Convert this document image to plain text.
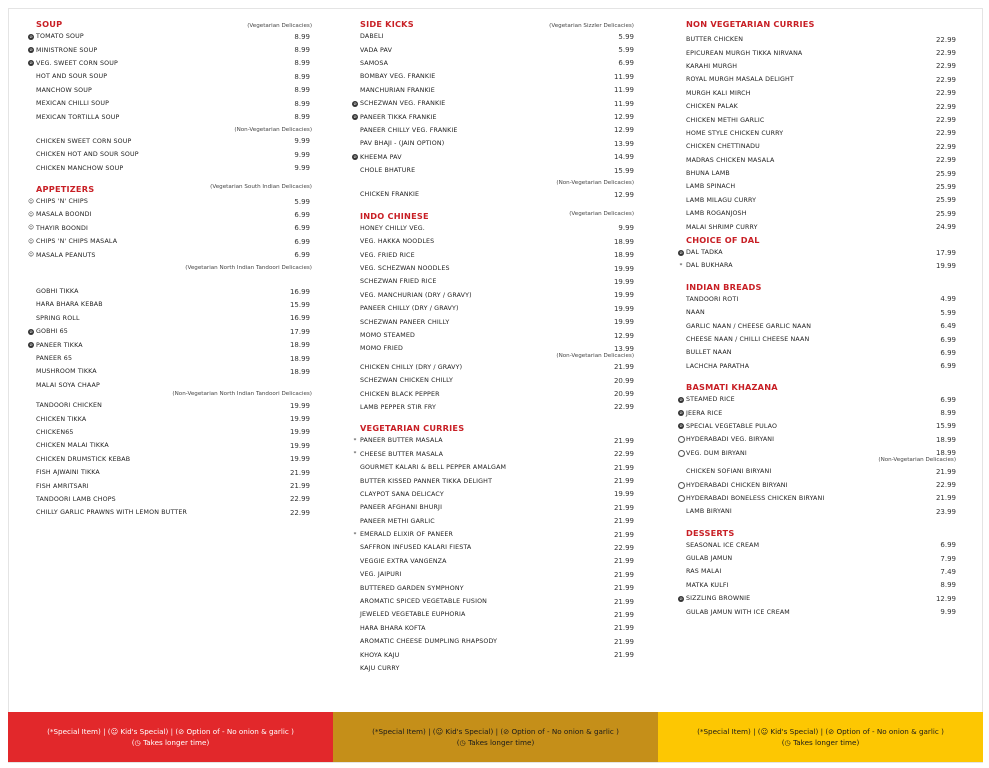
SOUP	(Vegetarian Delicacies)
⊘ TOMATO SOUP	8.99
⊘ MINISTRONE SOUP	8.99
⊘ VEG. SWEET CORN SOUP	8.99
HOT AND SOUR SOUP	8.99
MANCHOW SOUP	8.99
MEXICAN CHILLI SOUP	8.99
MEXICAN TORTILLA SOUP	8.99
(Non-Vegetarian Delicacies)
CHICKEN SWEET CORN SOUP	9.99
CHICKEN HOT AND SOUR SOUP	9.99
CHICKEN MANCHOW SOUP	9.99
APPETIZERS	(Vegetarian South Indian Delicacies)
☺ CHIPS 'N' CHIPS	5.99
☺ MASALA BOONDI	6.99
☺ THAYIR BOONDI	6.99
☺ CHIPS 'N' CHIPS MASALA	6.99
☺ MASALA PEANUTS	6.99
(Vegetarian North Indian Tandoori Delicacies)
GOBHI TIKKA	16.99
HARA BHARA KEBAB	15.99
SPRING ROLL	16.99
⊘ GOBHI 65	17.99
⊘ PANEER TIKKA	18.99
PANEER 65	18.99
MUSHROOM TIKKA	18.99
MALAI SOYA CHAAP
(Non-Vegetarian North Indian Tandoori Delicacies)
TANDOORI CHICKEN	19.99
CHICKEN TIKKA	19.99
CHICKEN65	19.99
CHICKEN MALAI TIKKA	19.99
CHICKEN DRUMSTICK KEBAB	19.99
FISH AJWAINI TIKKA	21.99
FISH AMRITSARI	21.99
TANDOORI LAMB CHOPS	22.99
CHILLY GARLIC PRAWNS WITH LEMON BUTTER	22.99
SIDE KICKS	(Vegetarian Sizzler Delicacies)
DABELI	5.99
VADA PAV	5.99
SAMOSA	6.99
BOMBAY VEG. FRANKIE	11.99
MANCHURIAN FRANKIE	11.99
⊘ SCHEZWAN VEG. FRANKIE	11.99
⊘ PANEER TIKKA FRANKIE	12.99
PANEER CHILLY VEG. FRANKIE	12.99
PAV BHAJI - (JAIN OPTION)	13.99
⊘ KHEEMA PAV	14.99
CHOLE BHATURE	15.99
(Non-Vegetarian Delicacies)
CHICKEN FRANKIE	12.99
INDO CHINESE	(Vegetarian Delicacies)
HONEY CHILLY VEG.	9.99
VEG. HAKKA NOODLES	18.99
VEG. FRIED RICE	18.99
VEG. SCHEZWAN NOODLES	19.99
SCHEZWAN FRIED RICE	19.99
VEG. MANCHURIAN (DRY / GRAVY)	19.99
PANEER CHILLY (DRY / GRAVY)	19.99
SCHEZWAN PANEER CHILLY	19.99
MOMO STEAMED	12.99
MOMO FRIED	13.99
(Non-Vegetarian Delicacies)
CHICKEN CHILLY (DRY / GRAVY)	21.99
SCHEZWAN CHICKEN CHILLY	20.99
CHICKEN BLACK PEPPER	20.99
LAMB PEPPER STIR FRY	22.99
VEGETARIAN CURRIES
* PANEER BUTTER MASALA	21.99
* CHEESE BUTTER MASALA	22.99
GOURMET KALARI & BELL PEPPER AMALGAM	21.99
BUTTER KISSED PANNER TIKKA DELIGHT	21.99
CLAYPOT SANA DELICACY	19.99
PANEER AFGHANI BHURJI	21.99
PANEER METHI GARLIC	21.99
* EMERALD ELIXIR OF PANEER	21.99
SAFFRON INFUSED KALARI FIESTA	22.99
VEGGIE EXTRA VANGENZA	21.99
VEG. JAIPURI	21.99
BUTTERED GARDEN SYMPHONY	21.99
AROMATIC SPICED VEGETABLE FUSION	21.99
JEWELED VEGETABLE EUPHORIA	21.99
HARA BHARA KOFTA	21.99
AROMATIC CHEESE DUMPLING RHAPSODY	21.99
KHOYA KAJU	21.99
KAJU CURRY
NON VEGETARIAN CURRIES
BUTTER CHICKEN	22.99
EPICUREAN MURGH TIKKA NIRVANA	22.99
KARAHI MURGH	22.99
ROYAL MURGH MASALA DELIGHT	22.99
MURGH KALI MIRCH	22.99
CHICKEN PALAK	22.99
CHICKEN METHI GARLIC	22.99
HOME STYLE CHICKEN CURRY	22.99
CHICKEN CHETTINADU	22.99
MADRAS CHICKEN MASALA	22.99
BHUNA LAMB	25.99
LAMB SPINACH	25.99
LAMB MILAGU CURRY	25.99
LAMB ROGANJOSH	25.99
MALAI SHRIMP CURRY	24.99
CHOICE OF DAL
⊘ DAL TADKA	17.99
* DAL BUKHARA	19.99
INDIAN BREADS
TANDOORI ROTI	4.99
NAAN	5.99
GARLIC NAAN / CHEESE GARLIC NAAN	6.49
CHEESE NAAN / CHILLI CHEESE NAAN	6.99
BULLET NAAN	6.99
LACHCHA PARATHA	6.99
BASMATI KHAZANA
⊘ STEAMED RICE	6.99
⊘ JEERA RICE	8.99
⊘ SPECIAL VEGETABLE PULAO	15.99
HYDERABADI VEG. BIRYANI	18.99
VEG. DUM BIRYANI	18.99
(Non-Vegetarian Delicacies)
CHICKEN SOFIANI BIRYANI	21.99
HYDERABADI CHICKEN BIRYANI	22.99
HYDERABADI BONELESS CHICKEN BIRYANI	21.99
LAMB BIRYANI	23.99
DESSERTS
SEASONAL ICE CREAM	6.99
GULAB JAMUN	7.99
RAS MALAI	7.49
MATKA KULFI	8.99
⊘ SIZZLING BROWNIE	12.99
GULAB JAMUN WITH ICE CREAM	9.99
(*Special Item) | (☺ Kid's Special) | (⊘ Option of - No onion & garlic )
(◷ Takes longer time)
(*Special Item) | (☺ Kid's Special) | (⊘ Option of - No onion & garlic )
(◷ Takes longer time)
(*Special Item) | (☺ Kid's Special) | (⊘ Option of - No onion & garlic )
(◷ Takes longer time)
